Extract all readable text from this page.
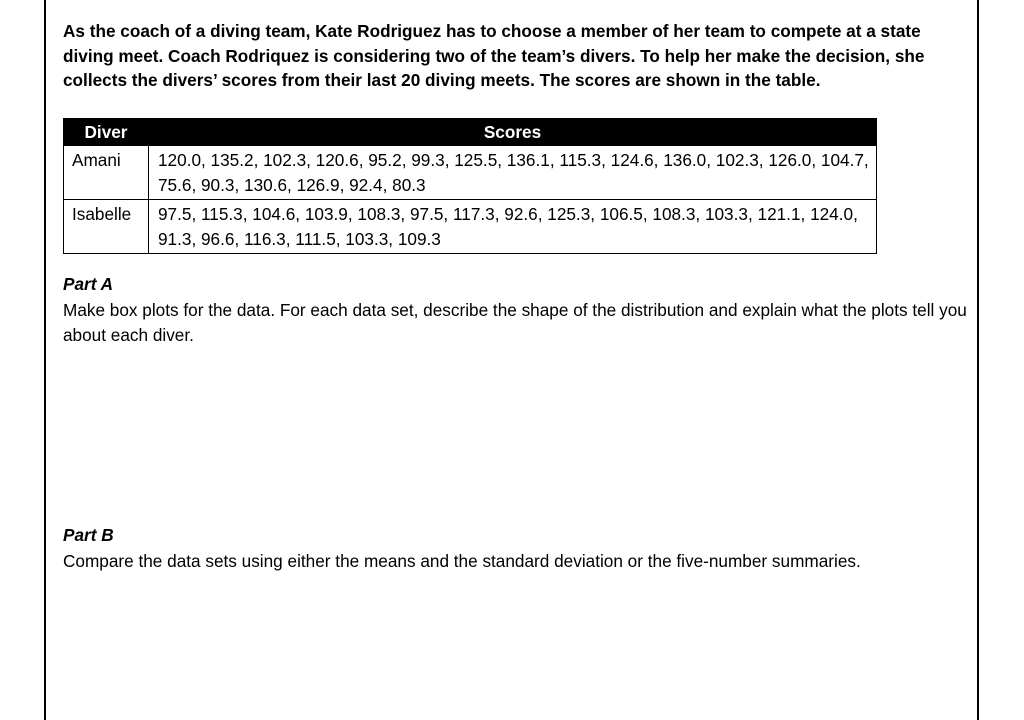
As the coach of a diving team, Kate Rodriguez has to choose a member of her team to compete at a state diving meet. Coach Rodriquez is considering two of the team’s divers. To help her make the decision, she collects the divers’ scores from their last 20 diving meets. The scores are shown in the table.
Diver	Scores
Amani	120.0, 135.2, 102.3, 120.6, 95.2, 99.3, 125.5, 136.1, 115.3, 124.6, 136.0, 102.3, 126.0, 104.7, 75.6, 90.3, 130.6, 126.9, 92.4, 80.3
Isabelle	97.5, 115.3, 104.6, 103.9, 108.3, 97.5, 117.3, 92.6, 125.3, 106.5, 108.3, 103.3, 121.1, 124.0, 91.3, 96.6, 116.3, 111.5, 103.3, 109.3
Part A
Make box plots for the data. For each data set, describe the shape of the distribution and explain what the plots tell you about each diver.
Part B
Compare the data sets using either the means and the standard deviation or the five-number summaries.
